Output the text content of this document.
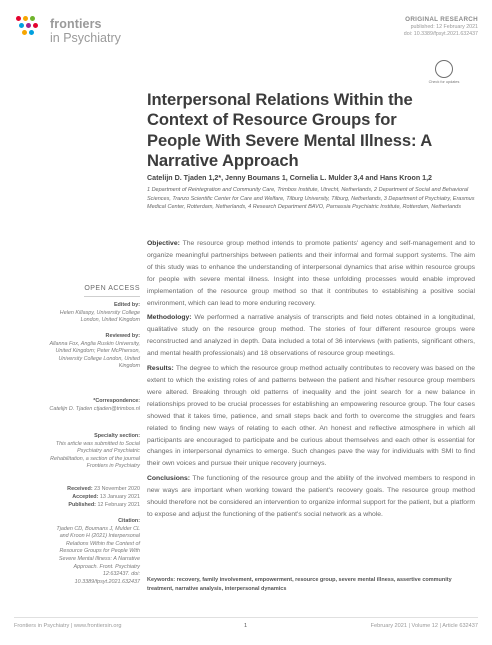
frontiers
in Psychiatry
ORIGINAL RESEARCH
published: 12 February 2021
doi: 10.3389/fpsyt.2021.632437
Check for updates
Interpersonal Relations Within the Context of Resource Groups for People With Severe Mental Illness: A Narrative Approach
Catelijn D. Tjaden 1,2*, Jenny Boumans 1, Cornelia L. Mulder 3,4 and Hans Kroon 1,2
1 Department of Reintegration and Community Care, Trimbos Institute, Utrecht, Netherlands, 2 Department of Social and Behavioral Sciences, Tranzo Scientific Center for Care and Welfare, Tilburg University, Tilburg, Netherlands, 3 Department of Psychiatry, Erasmus Medical Center, Rotterdam, Netherlands, 4 Research Department BAVO, Parnassia Psychiatric Institute, Rotterdam, Netherlands

Objective: The resource group method intends to promote patients' agency and self-management and to organize meaningful partnerships between patients and their informal and formal support systems. The aim of this study was to enhance the understanding of interpersonal dynamics that arise within resource groups for people with severe mental illness. Insight into these unfolding processes would enable improved implementation of the resource group method so that it contributes to establishing a positive social environment, which can lead to more enduring recovery.

Methodology: We performed a narrative analysis of transcripts and field notes obtained in a longitudinal, qualitative study on the resource group method. The stories of four different resource groups were reconstructed and analyzed in depth. Data included a total of 36 interviews (with patients, significant others, and mental health professionals) and 18 observations of resource group meetings.

Results: The degree to which the resource group method actually contributes to recovery was based on the extent to which the existing roles of and patterns between the patient and his/her resource group members were altered. Breaking through old patterns of inequality and the joint search for a new balance in relationships proved to be crucial processes for establishing an empowering resource group. The four cases showed that it takes time, patience, and small steps back and forth to overcome the struggles and fears related to finding new ways of relating to each other. An honest and reflective atmosphere in which all participants are encouraged to participate and be curious about themselves and each other is essential for changes in interpersonal dynamics to emerge. Such changes pave the way for individuals with SMI to find their own voices and pursue their unique recovery journeys.

Conclusions: The functioning of the resource group and the ability of the involved members to respond in new ways are important when working toward the patient's recovery goals. The resource group method should therefore not be considered an intervention to organize informal support for the patient, but a platform to expose and adjust the functioning of the patient's social network as a whole.

Keywords: recovery, family involvement, empowerment, resource group, severe mental illness, assertive community treatment, narrative analysis, interpersonal dynamics
OPEN ACCESS
Edited by:
Helen Killaspy, University College London, United Kingdom
Reviewed by:
Allanna Fox, Anglia Ruskin University, United Kingdom; Peter McPherson, University College London, United Kingdom
*Correspondence:
Catelijn D. Tjaden ctjaden@trimbos.nl
Specialty section:
This article was submitted to Social Psychiatry and Psychiatric Rehabilitation, a section of the journal Frontiers in Psychiatry
Received: 23 November 2020
Accepted: 13 January 2021
Published: 12 February 2021
Citation:
Tjaden CD, Boumans J, Mulder CL and Kroon H (2021) Interpersonal Relations Within the Context of Resource Groups for People With Severe Mental Illness: A Narrative Approach. Front. Psychiatry 12:632437. doi: 10.3389/fpsyt.2021.632437
Frontiers in Psychiatry | www.frontiersin.org	1	February 2021 | Volume 12 | Article 632437
